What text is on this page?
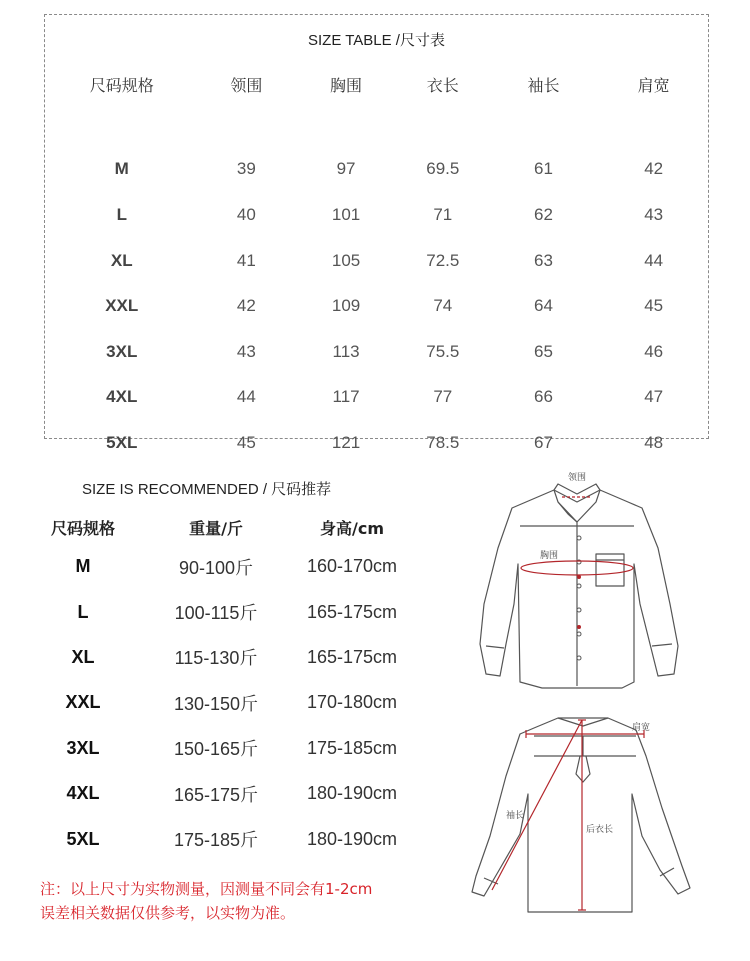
SIZE TABLE /尺寸表
尺码规格	领围	胸围	衣长	袖长	肩宽

M	39	97	69.5	61	42
L	40	101	71	62	43
XL	41	105	72.5	63	44
XXL	42	109	74	64	45
3XL	43	113	75.5	65	46
4XL	44	117	77	66	47
5XL	45	121	78.5	67	48
SIZE IS RECOMMENDED / 尺码推荐
尺码规格	重量/斤	身高/cm
M	90-100斤	160-170cm
L	100-115斤	165-175cm
XL	115-130斤	165-175cm
XXL	130-150斤	170-180cm
3XL	150-165斤	175-185cm
4XL	165-175斤	180-190cm
5XL	175-185斤	180-190cm
注：以上尺寸为实物测量，因测量不同会有1-2cm
误差相关数据仅供参考，以实物为准。
领围
胸围
肩宽
袖长
后衣长
